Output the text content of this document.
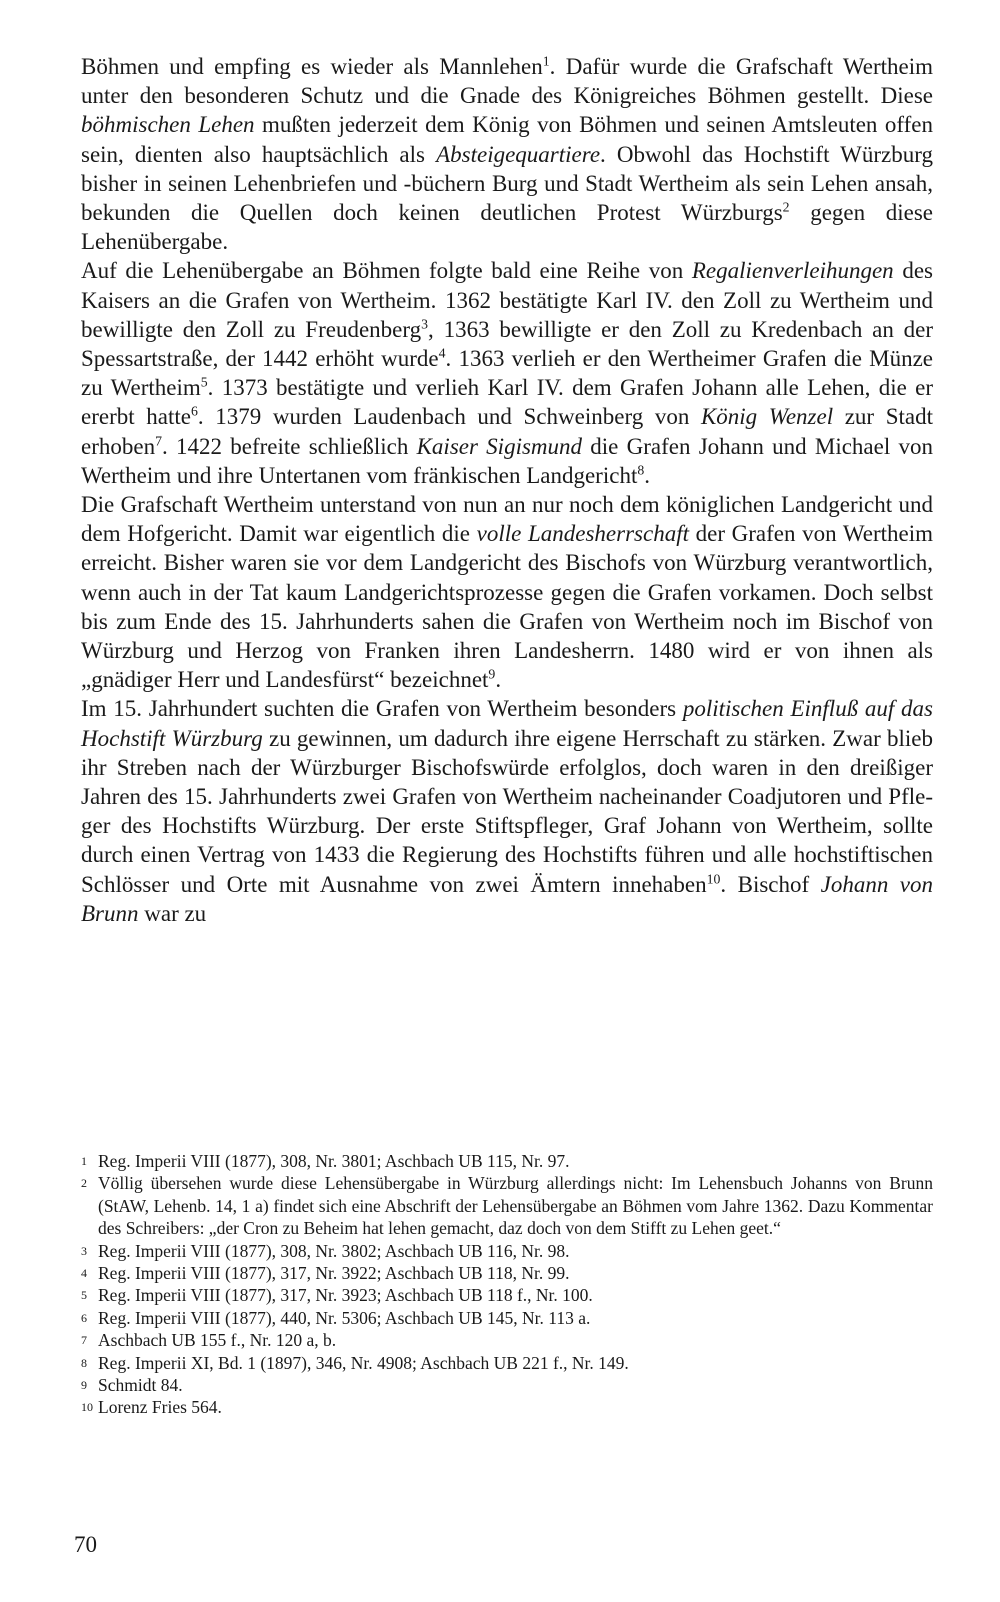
Böhmen und empfing es wieder als Mannlehen$^1$. Dafür wurde die Grafschaft Wertheim unter den besonderen Schutz und die Gnade des Königreiches Böhmen gestellt. Diese böhmischen Lehen mußten jederzeit dem König von Böhmen und seinen Amtsleuten offen sein, dienten also hauptsächlich als Absteigequartiere. Obwohl das Hochstift Würzburg bisher in seinen Lehenbriefen und -büchern Burg und Stadt Wertheim als sein Lehen ansah, bekunden die Quellen doch keinen deutlichen Protest Würzburgs$^2$ gegen diese Lehenübergabe.

Auf die Lehenübergabe an Böhmen folgte bald eine Reihe von Regalienverleihungen des Kaisers an die Grafen von Wertheim. 1362 bestätigte Karl IV. den Zoll zu Wertheim und bewilligte den Zoll zu Freudenberg$^3$, 1363 bewilligte er den Zoll zu Kredenbach an der Spessartstraße, der 1442 erhöht wurde$^4$. 1363 verlieh er den Wertheimer Grafen die Münze zu Wertheim$^5$. 1373 bestätigte und verlieh Karl IV. dem Grafen Johann alle Lehen, die er ererbt hatte$^6$. 1379 wurden Laudenbach und Schweinberg von König Wenzel zur Stadt erhoben$^7$. 1422 befreite schließlich Kaiser Sigismund die Grafen Johann und Michael von Wertheim und ihre Untertanen vom fränkischen Landgericht$^8$.

Die Grafschaft Wertheim unterstand von nun an nur noch dem königlichen Landgericht und dem Hofgericht. Damit war eigentlich die volle Landesherrschaft der Grafen von Wertheim erreicht. Bisher waren sie vor dem Landgericht des Bischofs von Würzburg verantwortlich, wenn auch in der Tat kaum Landgerichtsprozesse gegen die Grafen vorkamen. Doch selbst bis zum Ende des 15. Jahrhunderts sahen die Grafen von Wertheim noch im Bischof von Würzburg und Herzog von Franken ihren Landesherrn. 1480 wird er von ihnen als „gnädiger Herr und Landesfürst“ bezeichnet$^9$.

Im 15. Jahrhundert suchten die Grafen von Wertheim besonders politischen Einfluß auf das Hochstift Würzburg zu gewinnen, um dadurch ihre eigene Herrschaft zu stärken. Zwar blieb ihr Streben nach der Würzburger Bischofswürde erfolglos, doch waren in den dreißiger Jahren des 15. Jahrhunderts zwei Grafen von Wertheim nacheinander Coadjutoren und Pfleger des Hochstifts Würzburg. Der erste Stiftspfleger, Graf Johann von Wertheim, sollte durch einen Vertrag von 1433 die Regierung des Hochstifts führen und alle hochstiftischen Schlösser und Orte mit Ausnahme von zwei Ämtern innehaben$^{10}$. Bischof Johann von Brunn war zu

1 Reg. Imperii VIII (1877), 308, Nr. 3801; Aschbach UB 115, Nr. 97.
2 Völlig übersehen wurde diese Lehensübergabe in Würzburg allerdings nicht: Im Lehensbuch Johanns von Brunn (StAW, Lehenb. 14, 1 a) findet sich eine Abschrift der Lehensübergabe an Böhmen vom Jahre 1362. Dazu Kommentar des Schreibers: „der Cron zu Beheim hat lehen gemacht, daz doch von dem Stifft zu Lehen geet.“
3 Reg. Imperii VIII (1877), 308, Nr. 3802; Aschbach UB 116, Nr. 98.
4 Reg. Imperii VIII (1877), 317, Nr. 3922; Aschbach UB 118, Nr. 99.
5 Reg. Imperii VIII (1877), 317, Nr. 3923; Aschbach UB 118 f., Nr. 100.
6 Reg. Imperii VIII (1877), 440, Nr. 5306; Aschbach UB 145, Nr. 113 a.
7 Aschbach UB 155 f., Nr. 120 a, b.
8 Reg. Imperii XI, Bd. 1 (1897), 346, Nr. 4908; Aschbach UB 221 f., Nr. 149.
9 Schmidt 84.
10 Lorenz Fries 564.
70
